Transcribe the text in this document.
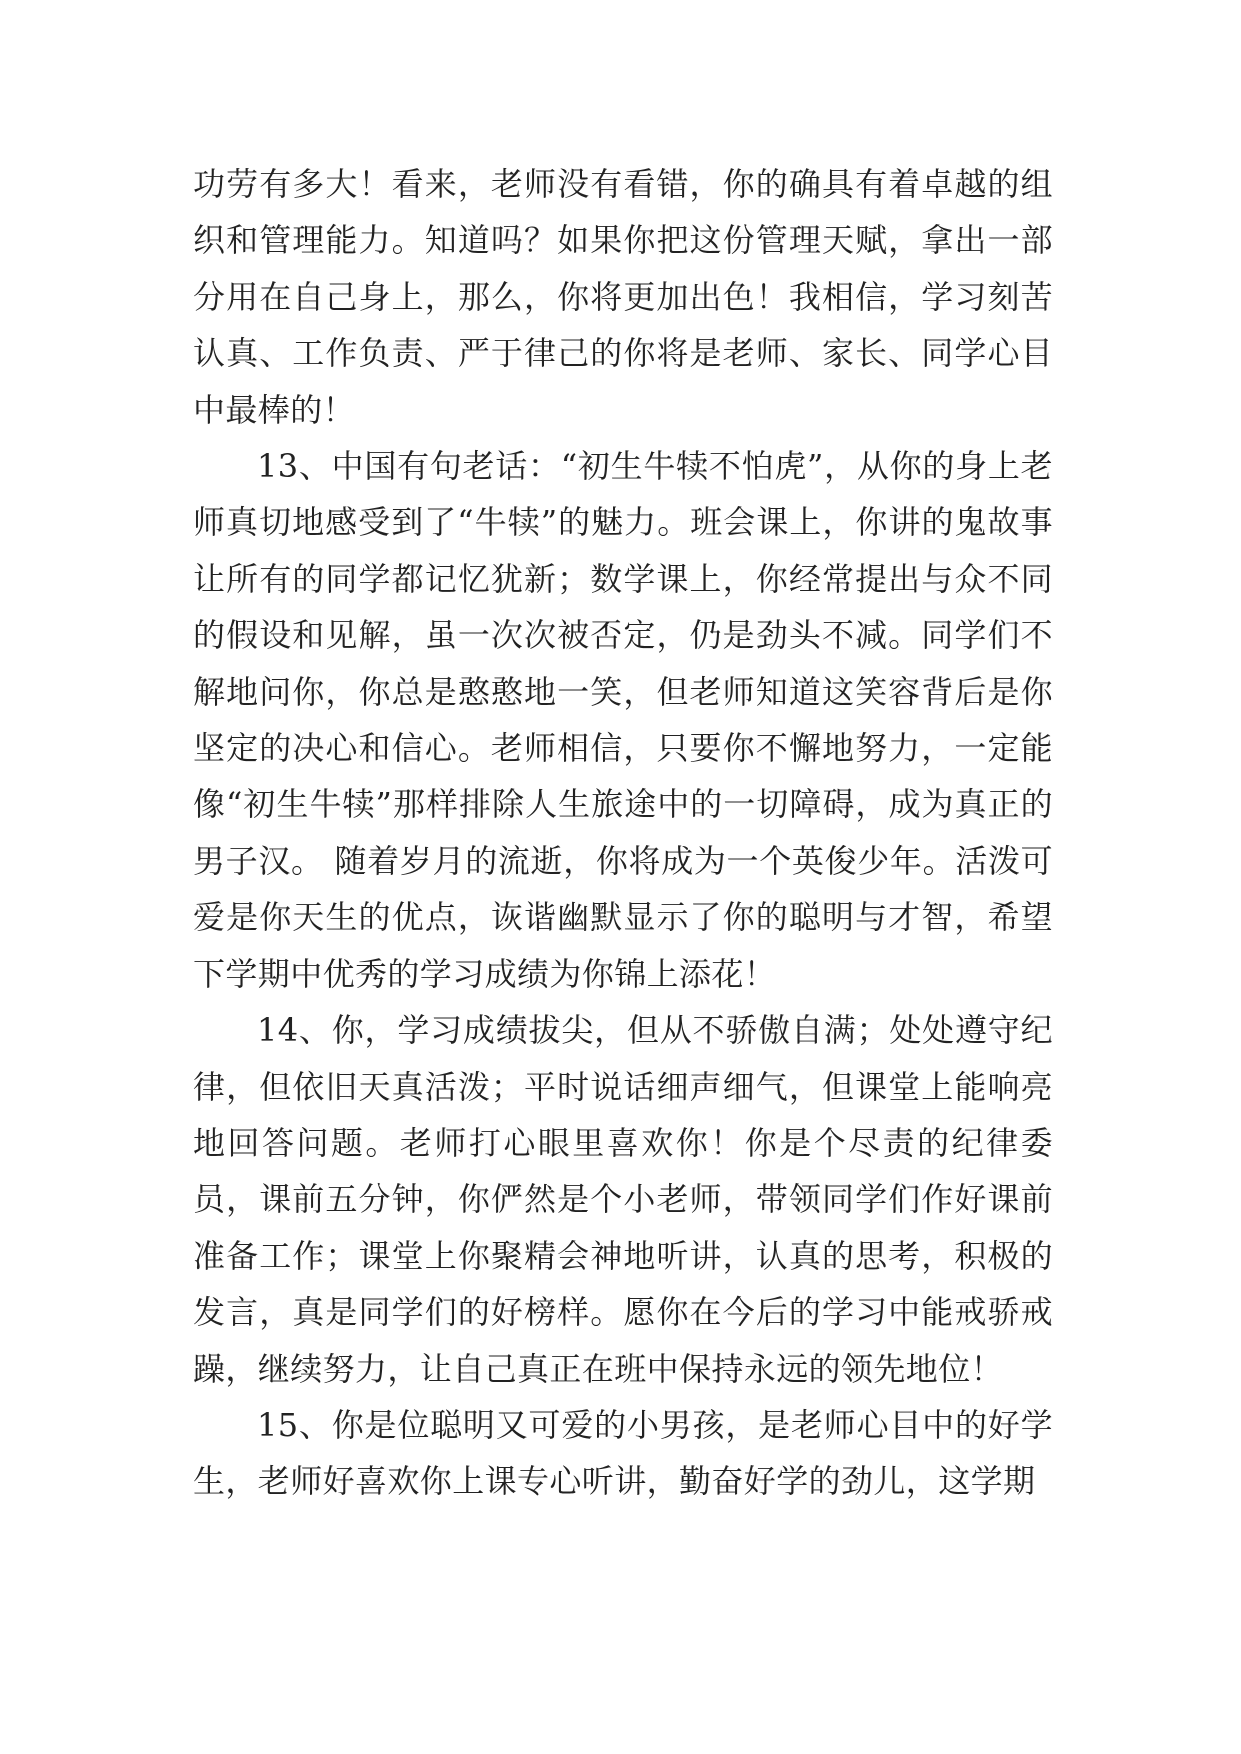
功劳有多大！看来，老师没有看错，你的确具有着卓越的组织和管理能力。知道吗？如果你把这份管理天赋，拿出一部分用在自己身上，那么，你将更加出色！我相信，学习刻苦认真、工作负责、严于律己的你将是老师、家长、同学心目中最棒的！

13、中国有句老话：“初生牛犊不怕虎”，从你的身上老师真切地感受到了“牛犊”的魅力。班会课上，你讲的鬼故事让所有的同学都记忆犹新；数学课上，你经常提出与众不同的假设和见解，虽一次次被否定，仍是劲头不减。同学们不解地问你，你总是憨憨地一笑，但老师知道这笑容背后是你坚定的决心和信心。老师相信，只要你不懈地努力，一定能像“初生牛犊”那样排除人生旅途中的一切障碍，成为真正的男子汉。 随着岁月的流逝，你将成为一个英俊少年。活泼可爱是你天生的优点，诙谐幽默显示了你的聪明与才智，希望下学期中优秀的学习成绩为你锦上添花！

14、你，学习成绩拔尖，但从不骄傲自满；处处遵守纪律，但依旧天真活泼；平时说话细声细气，但课堂上能响亮地回答问题。老师打心眼里喜欢你！你是个尽责的纪律委员，课前五分钟，你俨然是个小老师，带领同学们作好课前准备工作；课堂上你聚精会神地听讲，认真的思考，积极的发言，真是同学们的好榜样。愿你在今后的学习中能戒骄戒躁，继续努力，让自己真正在班中保持永远的领先地位！

15、你是位聪明又可爱的小男孩，是老师心目中的好学生，老师好喜欢你上课专心听讲，勤奋好学的劲儿，这学期
